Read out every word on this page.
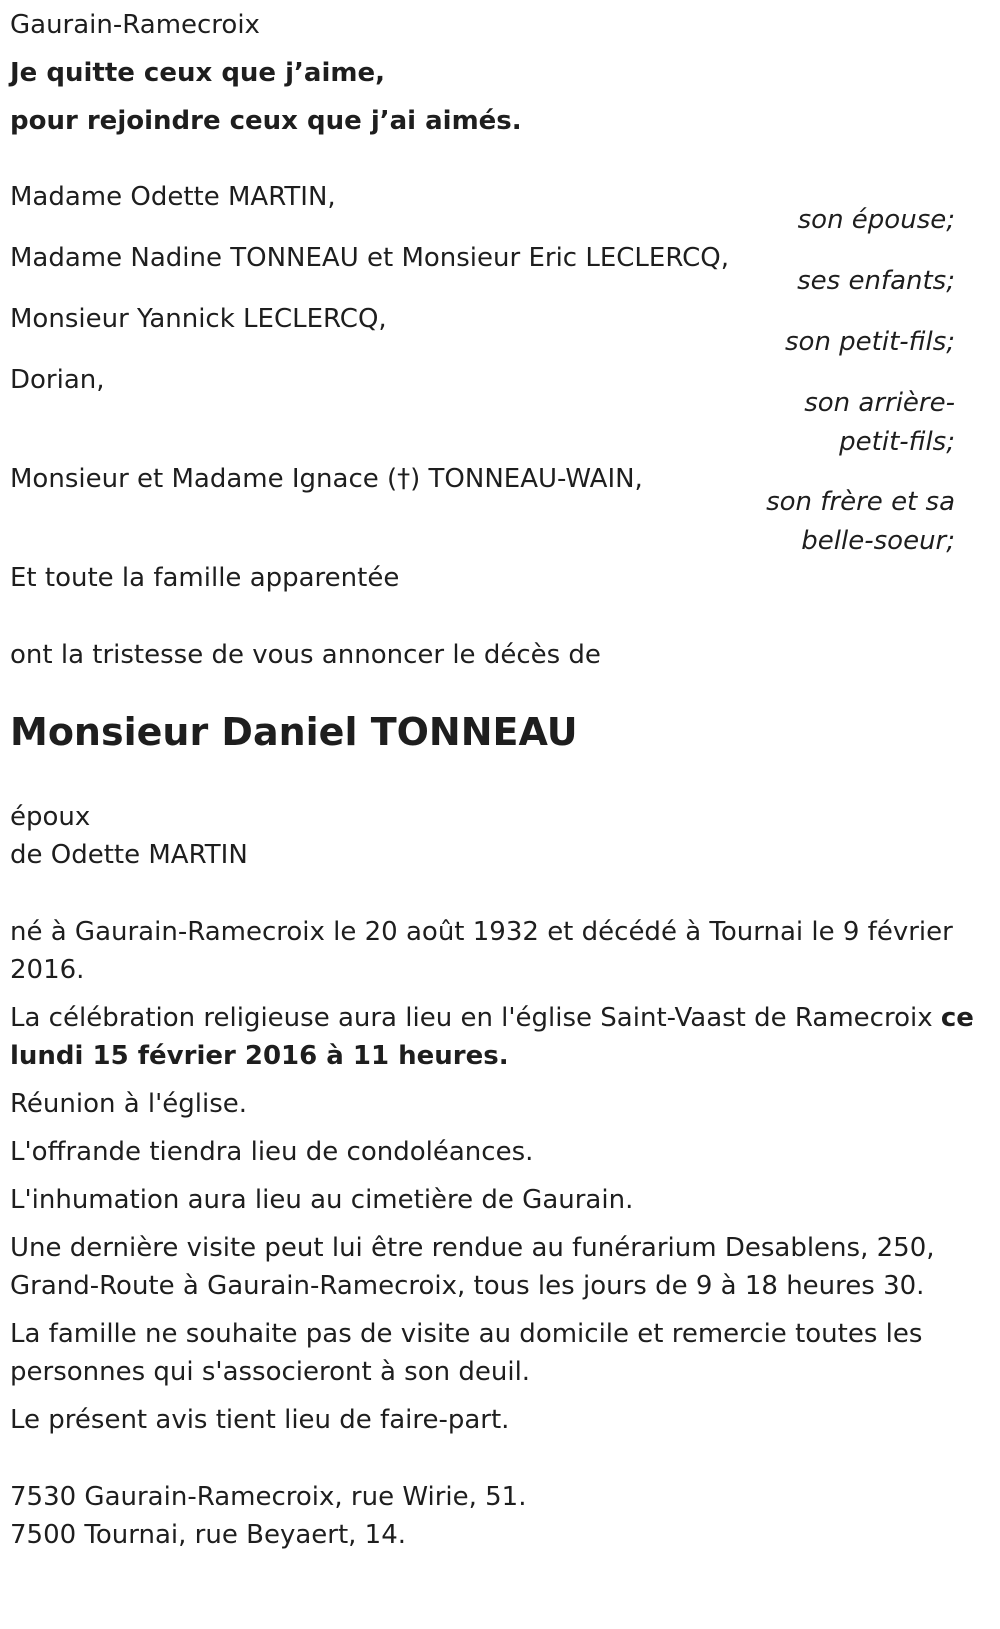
Gaurain-Ramecroix
Je quitte ceux que j’aime,
pour rejoindre ceux que j’ai aimés.
Madame Odette MARTIN,
son épouse;
Madame Nadine TONNEAU et Monsieur Eric LECLERCQ,
ses enfants;
Monsieur Yannick LECLERCQ,
son petit-fils;
Dorian,
son arrière-
petit-fils;
Monsieur et Madame Ignace (†) TONNEAU-WAIN,
son frère et sa
belle-soeur;
Et toute la famille apparentée
ont la tristesse de vous annoncer le décès de
Monsieur Daniel TONNEAU
époux
de Odette MARTIN
né à Gaurain-Ramecroix le 20 août 1932 et décédé à Tournai le 9 février
2016.
La célébration religieuse aura lieu en l'église Saint-Vaast de Ramecroix ce
lundi 15 février 2016 à 11 heures.
Réunion à l'église.
L'offrande tiendra lieu de condoléances.
L'inhumation aura lieu au cimetière de Gaurain.
Une dernière visite peut lui être rendue au funérarium Desablens, 250,
Grand-Route à Gaurain-Ramecroix, tous les jours de 9 à 18 heures 30.
La famille ne souhaite pas de visite au domicile et remercie toutes les
personnes qui s'associeront à son deuil.
Le présent avis tient lieu de faire-part.
7530 Gaurain-Ramecroix, rue Wirie, 51.
7500 Tournai, rue Beyaert, 14.
